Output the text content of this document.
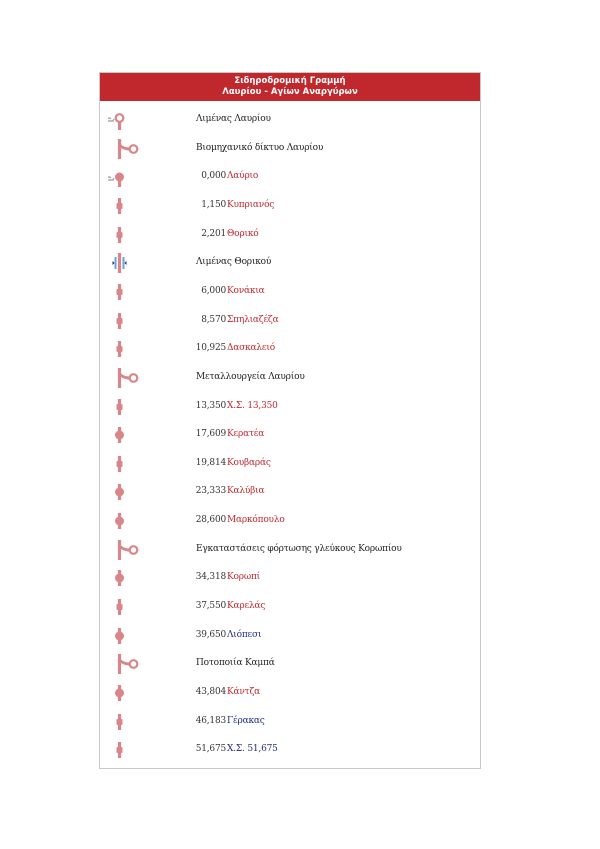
Σιδηροδρομική Γραμμή
Λαυρίου - Αγίων Αναργύρων
Λιμένας Λαυρίου
Βιομηχανικό δίκτυο Λαυρίου
0,000 Λαύριο
1,150 Κυπριανός
2,201 Θορικό
Λιμένας Θορικού
6,000 Κονάκια
8,570 Σπηλιαζέζα
10,925 Δασκαλειό
Μεταλλουργεία Λαυρίου
13,350 Χ.Σ. 13,350
17,609 Κερατέα
19,814 Κουβαράς
23,333 Καλύβια
28,600 Μαρκόπουλο
Εγκαταστάσεις φόρτωσης γλεύκους Κορωπίου
34,318 Κορωπί
37,550 Καρελάς
39,650 Λιόπεσι
Ποτοποιία Καμπά
43,804 Κάντζα
46,183 Γέρακας
51,675 Χ.Σ. 51,675
